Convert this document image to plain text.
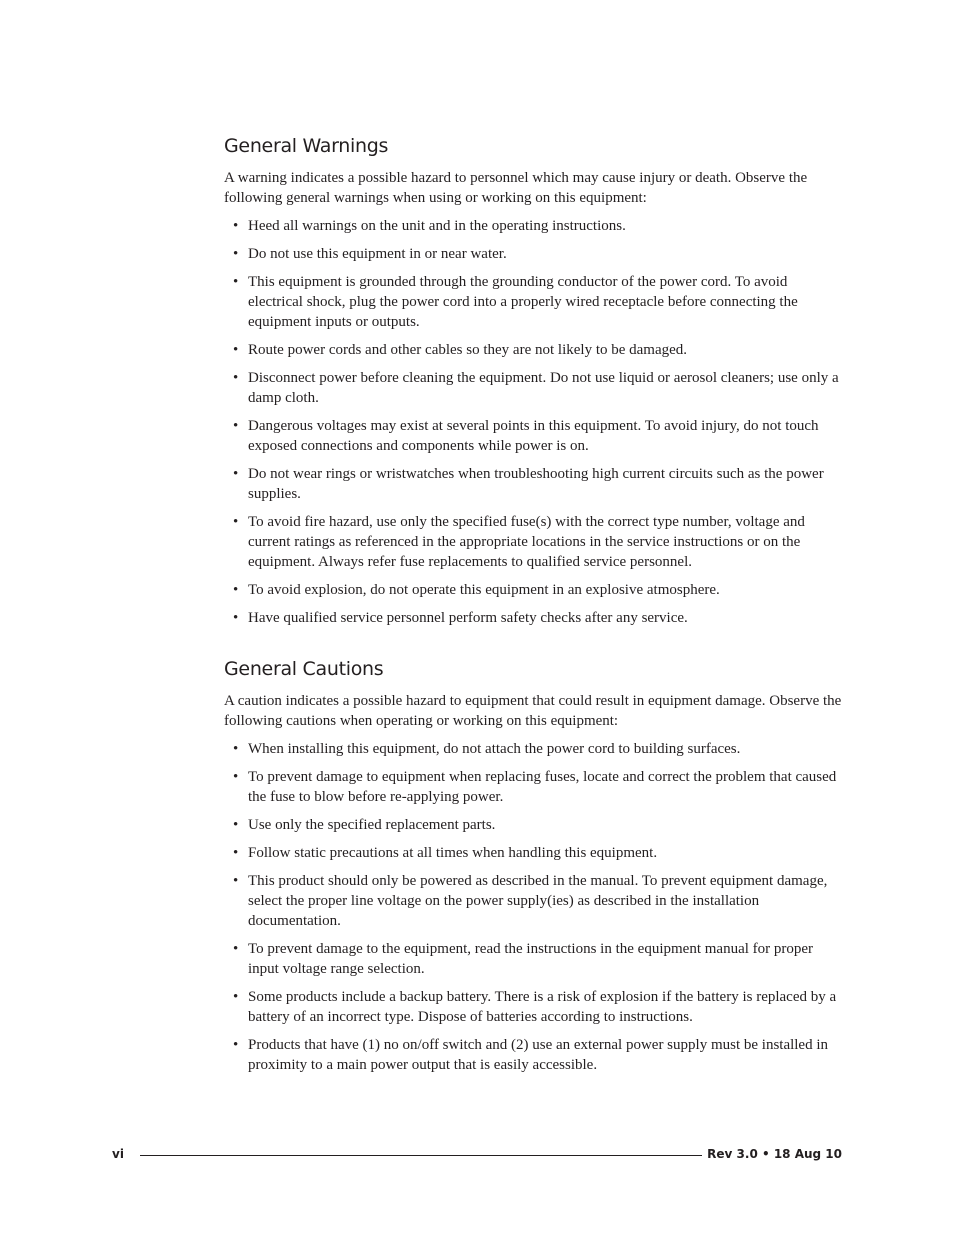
General Warnings

A warning indicates a possible hazard to personnel which may cause injury or death. Observe the following general warnings when using or working on this equipment:

• Heed all warnings on the unit and in the operating instructions.
• Do not use this equipment in or near water.
• This equipment is grounded through the grounding conductor of the power cord. To avoid electrical shock, plug the power cord into a properly wired receptacle before connecting the equipment inputs or outputs.
• Route power cords and other cables so they are not likely to be damaged.
• Disconnect power before cleaning the equipment. Do not use liquid or aerosol cleaners; use only a damp cloth.
• Dangerous voltages may exist at several points in this equipment. To avoid injury, do not touch exposed connections and components while power is on.
• Do not wear rings or wristwatches when troubleshooting high current circuits such as the power supplies.
• To avoid fire hazard, use only the specified fuse(s) with the correct type number, voltage and current ratings as referenced in the appropriate locations in the service instructions or on the equipment. Always refer fuse replacements to qualified service personnel.
• To avoid explosion, do not operate this equipment in an explosive atmosphere.
• Have qualified service personnel perform safety checks after any service.
General Cautions

A caution indicates a possible hazard to equipment that could result in equipment damage. Observe the following cautions when operating or working on this equipment:

• When installing this equipment, do not attach the power cord to building surfaces.
• To prevent damage to equipment when replacing fuses, locate and correct the problem that caused the fuse to blow before re-applying power.
• Use only the specified replacement parts.
• Follow static precautions at all times when handling this equipment.
• This product should only be powered as described in the manual. To prevent equipment damage, select the proper line voltage on the power supply(ies) as described in the installation documentation.
• To prevent damage to the equipment, read the instructions in the equipment manual for proper input voltage range selection.
• Some products include a backup battery. There is a risk of explosion if the battery is replaced by a battery of an incorrect type. Dispose of batteries according to instructions.
• Products that have (1) no on/off switch and (2) use an external power supply must be installed in proximity to a main power output that is easily accessible.
vi	Rev 3.0 • 18 Aug 10
